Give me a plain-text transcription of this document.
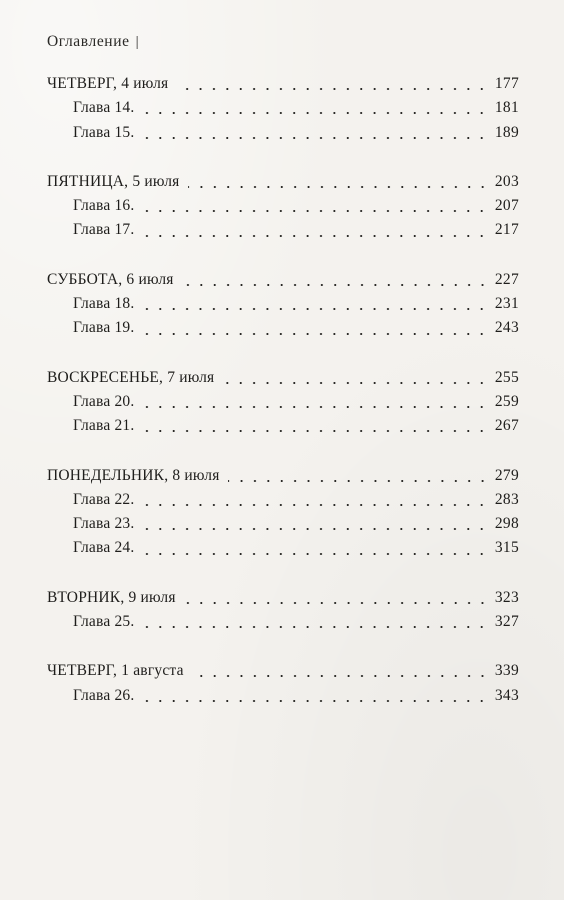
Оглавление |
ЧЕТВЕРГ, 4 июля	177
Глава 14.	181
Глава 15.	189
ПЯТНИЦА, 5 июля	203
Глава 16.	207
Глава 17.	217
СУББОТА, 6 июля	227
Глава 18.	231
Глава 19.	243
ВОСКРЕСЕНЬЕ, 7 июля	255
Глава 20.	259
Глава 21.	267
ПОНЕДЕЛЬНИК, 8 июля	279
Глава 22.	283
Глава 23.	298
Глава 24.	315
ВТОРНИК, 9 июля	323
Глава 25.	327
ЧЕТВЕРГ, 1 августа	339
Глава 26.	343
